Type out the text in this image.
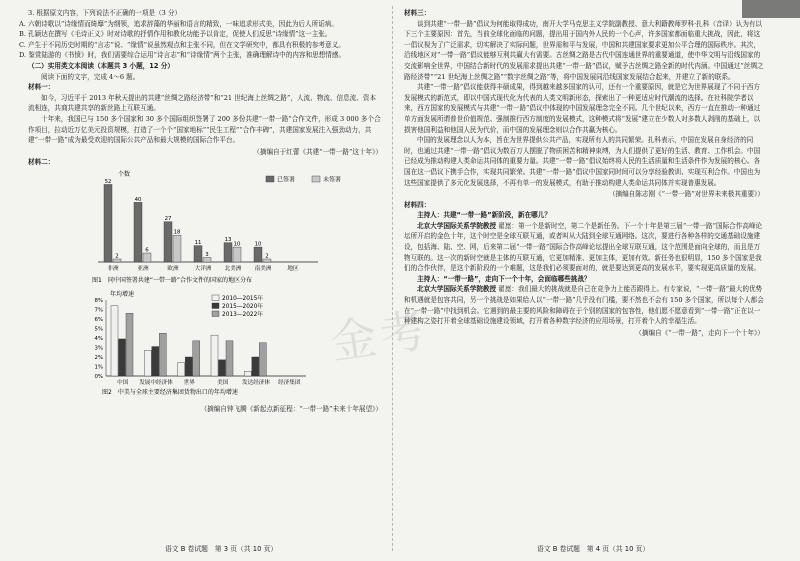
3. 根据原文内容，下列说法不正确的一项是（3 分）

A. 六朝诗歌以“诗缘情而绮靡”为纲领，追求辞藻的华丽和语言的精致，一味追求形式美，因此为后人所诟病。

B. 孔颖达在撰写《毛诗正义》时对诗歌的抒情作用和教化功能予以肯定，促使人们反思“诗缘情”这一主张。

C. 产生于不同历史时期的“言志”说、“缘情”说虽然观点和主张不同，但在文学研究中，都具有积极的参考意义。

D. 鉴赏陆游的《书愤》时，我们需要综合运用“诗言志”和“诗缘情”两个主张，准确理解诗中的内容和思想情感。

（二）实用类文本阅读（本题共 3 小题，12 分）

阅读下面的文字，完成 4～6 题。

材料一：

如今，习近平于 2013 年秋天提出的共建“丝绸之路经济带”和“21 世纪海上丝绸之路”，人流、物流、信息流、资本流相连，共商共建共享的新丝路上互联互通。

十年来，我国已与 150 多个国家和 30 多个国际组织签署了 200 多份共建“一带一路”合作文件，形成 3 000 多个合作项目，拉动近万亿美元投资规模，打造了一个个“国家地标”“民生工程”“合作丰碑”，共建国家发展注入强劲动力，共建“一带一路”成为最受欢迎的国际公共产品和最大规模的国际合作平台。

（摘编自于红蕾《共建“一带一路”这十年》）

材料二：

个数
非洲
52
2
亚洲
40
6
欧洲
27
18
大洋洲
11
3
北美洲
13
10
南美洲
10
2
地区
已签署	未签署
图1　同中国签署共建“一带一路”合作文件的国家的地区分布

年均增速
0%
1%
2%
3%
4%
5%
6%
7%
8%
中国 发展中经济体 世界	美国 发达经济体 经济集团
2010—2015年
2015—2020年
2013—2022年
图2　中美与全球主要经济集团货物出口的年均增速

（摘编自钟飞腾《新起点新征程：“一带一路”未来十年展望》）

材料三：

谈到共建“一带一路”倡议为何能取得成功，南开大学马克思主义学院副教授、意大利籍教师罗科·扎科（音译）认为有以下三个主要原因：首先，当前全球化面临的问题，提出用于国内外人民的一个心声，许多国家都面临重大挑战，因此，将这一倡议视为了广泛需求，切实解决了实际问题，世界需和平与发展，中国和共建国家要求更加公平合理的国际秩序。其次，沿线地区对“一带一路”倡议能够互利共赢大有需要。古丝绸之路是古代中国连通世界的重要通道，使中华文明与沿线国家的交流影响全世界，中国结合新时代的发展需求提出共建“一带一路”倡议，赋予古丝绸之路全新的时代内涵。中国通过“丝绸之路经济带”“21 世纪海上丝绸之路”“数字丝绸之路”等，将中国发展同沿线国家发展结合起来，并建立了新的联系。

共建“一带一路”倡议能获得丰硕成果，得到越来越多国家的认可，还有一个重要原因，就是它为世界展现了不同于西方发展模式的新范式，即以中国式现代化为代表的人类文明新形态，探索出了一种更适应时代潮流的选择。在社科院学者以来，西方国家的发展模式与共建“一带一路”倡议中体现的中国发展理念完全不同。几个世纪以来，西方一直在推动一种通过单方面发展所谓普世价值规范、强制推行西方制度的发展模式，这种模式将“发展”建立在少数人对多数人剥削的基础上，以损害他国利益和他国人民为代价，而中国的发展理念则以合作共赢为核心。

中国的发展理念以人为本，旨在为世界提供公共产品，实现所有人的共同繁荣。扎科表示，中国在发展自身经济的同时，也通过共建“一带一路”倡议为数百万人摆脱了物质困苦和精神束缚，为人们提供了更好的生活、教育、工作机会。中国已经成为推动构建人类命运共同体的重要力量。共建“一带一路”倡议始终将人民的生活质量和生活条件作为发展的核心。各国在这一倡议下携手合作，实现共同繁荣。共建“一带一路”倡议中国家同时间可以分享经验教训、实现互利合作。中国也为这些国家提供了多元化发展选择，不再有单一的发展模式，有助于推动构建人类命运共同体并实现普惠发展。

（摘编自陈志刚《“一带一路”对世界未来极其重要》）

材料四：

主持人：共建“一带一路”新阶段，新在哪儿？

北京大学国际关系学院教授 翟崑：第一个是新时空，第二个是新任务。下一个十年是第三届“一带一路”国际合作高峰论坛所开启的金色十年，这个时空是全球互联互通，或者叫从大陆到全球互通网络。这次，要进行各种各样的交通基础设施建设，包括海、陆、空、网，后来第二届“一带一路”国际合作高峰论坛提出全球互联互通，这个范围是面向全球的，而且是万物互联的。这一次的新时空就是主体的互联互通，它更加精准、更加主体，更加有效。新任务也很明显，150 多个国家是我们的合作伙伴，是这个新阶段的一个难题，这是我们必须要面对的，就是要达到更高的发展水平，要实现更高质量的发展。

主持人：“一带一路”，走向下一个十年，会面临哪些挑战？

北京大学国际关系学院教授 翟崑：我们最大的挑战就是自己在竞争力上能否跟得上。有专家说，“一带一路”最大的优势和机遇就是包容共同，另一个挑战是如果给人以“一带一路”几乎没有门槛，要不然也不会有 150 多个国家，所以每个人都会在“一带一路”中找到机会。它遇到的最主要的风险和障碍在于个别的国家的包容性，他们愿不愿意看到“一带一路”正在以一种建构之姿打开着全球基础设施建设领域，打开着各种数字经济的应用场景，打开着个人的幸福生活。

（摘编自《“一带一路”，走向下一个十年》）

金考
语文 B 卷试题　第 3 页（共 10 页）	语文 B 卷试题　第 4 页（共 10 页）
